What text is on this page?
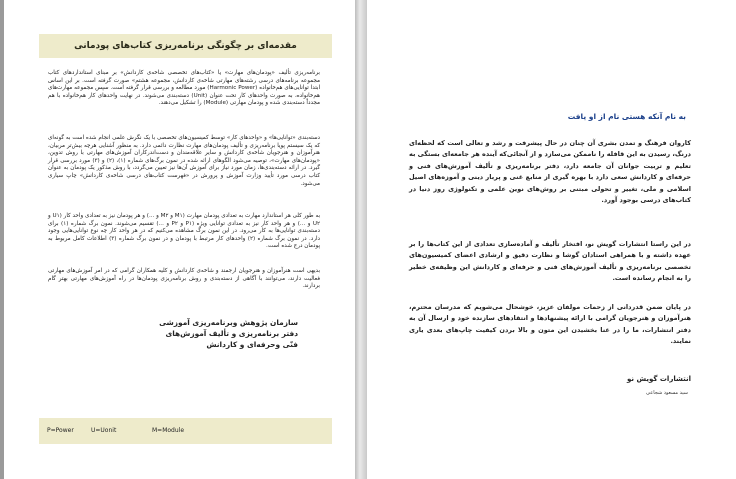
مقدمه‌ای بر چگونگی برنامه‌ریزی کتاب‌های پودمانی
برنامه‌ریزی تألیف «پودمان‌های مهارت» یا «کتاب‌های تخصصی شاخه‌ی کاردانش» بر مبنای استانداردهای کتاب مجموعه برنامه‌های درسی رشته‌های مهارتی شاخه‌ی کاردانش، مجموعه هشتم» صورت گرفته است. بر این اساس ابتدا توانایی‌های هم‌خانواده (Harmonic Power) مورد مطالعه و بررسی قرار گرفته است. سپس مجموعه مهارت‌های هم‌خانواده، به صورت واحدهای کار تحت عنوان (Unit) دسته‌بندی می‌شوند. در نهایت واحدهای کار هم‌خانواده با هم مجدداً دسته‌بندی شده و پودمان مهارتی (Module) را تشکیل می‌دهند.
دسته‌بندی «توانایی‌ها» و «واحدهای کار» توسط کمیسیون‌های تخصصی با یک نگرش علمی انجام شده است به گونه‌ای که یک سیستم پویا برنامه‌ریزی و تألیف پودمان‌های مهارت نظارت دائمی دارد. به منظور آشنایی هرچه بیش‌تر مربیان، هنرآموزان و هنرجویان شاخه‌ی کاردانش و سایر علاقه‌مندان و دست‌اندرکاران آموزش‌های مهارتی با روش تدوین، «پودمان‌های مهارت»، توصیه می‌شود الگوهای ارائه شده در نمون برگ‌های شماره (۱)، (۲) و (۳) مورد بررسی قرار گیرد. در ارائه دسته‌بندی‌ها، زمان مورد نیاز برای آموزش آن‌ها نیز تعیین می‌گردد، با روش مذکور یک پودمان به عنوان کتاب درسی مورد تأیید وزارت آموزش و پرورش در «فهرست کتاب‌های درسی شاخه‌ی کاردانش» چاپ سیاری می‌شود.
به طور کلی هر استاندارد مهارت به تعدادی پودمان مهارت (M۱ و M۲ و ...) و هر پودمان نیز به تعدادی واحد کار (U۱ و U۲ و ...) و هر واحد کار نیز به تعدادی توانایی ویژه (P۱ و P۲ و ...) تقسیم می‌شوند. نمون برگ شماره (۱) برای دسته‌بندی توانایی‌ها به کار می‌رود. در این نمون برگ مشاهده می‌کنیم که در هر واحد کار چه نوع توانایی‌هایی وجود دارد. در نمون برگ شماره (۲) واحدهای کار مرتبط با پودمان و در نمون برگ شماره (۳) اطلاعات کامل مربوط به پودمان درج شده است.
بدیهی است هنرآموزان و هنرجویان ارجمند و شاخه‌ی کاردانش و کلیه همکاران گرامی که در امر آموزش‌های مهارتی فعالیت دارند، می‌توانند با آگاهی از دسته‌بندی و روش برنامه‌ریزی پودمان‌ها در راه آموزش‌های مهارتی بهتر گام بردارند.
سازمان پژوهش وبرنامه‌ریزی آموزشی
دفتر برنامه‌ریزی و تألیف آموزش‌های
فنّی وحرفه‌ای و کاردانش
P=Power	U=Uonit	M=Module
به نام آنکه هستی نام از او یافت
کاروان فرهنگ و تمدن بشری آن چنان در حال پیشرفت و رشد و تعالی است که لحظه‌ای درنگ، رسیدن به این قافله را ناممکن می‌سازد و از آنجائی‌که آینده هر جامعه‌ای بستگی به تعلیم و تربیت جوانان آن جامعه دارد، دفتر برنامه‌ریزی و تألیف آموزش‌های فنی و حرفه‌ای و کاردانش سعی دارد با بهره گیری از منابع غنی و پربار دینی و آموزه‌های اصیل اسلامی و ملی، تغییر و تحولی مبتنی بر روش‌های نوین علمی و تکنولوژی روز دنیا در کتاب‌های درسی بوجود آورد.
در این راستا انتشارات گویش نو، افتخار تألیف و آماده‌سازی تعدادی از این کتاب‌ها را بر عهده داشته و با همراهی استادان گوشا و نظارت دقیق و ارشادی اعضای کمیسیون‌های تخصصی برنامه‌ریزی و تألیف آموزش‌های فنی و حرفه‌ای و کاردانش این وظیفه‌ی خطیر را به انجام رسانده است.
در پایان ضمن قدردانی از زحمات مولفان عزیز، خوشحال می‌شویم که مدرسان محترم، هنرآموزان و هنرجویان گرامی با ارائه پیشنهادها و انتقادهای سازنده خود و ارسال آن به دفتر انتشارات، ما را در غنا بخشیدن این متون و بالا بردن کیفیت چاپ‌های بعدی یاری نمایند.
انتشارات گویش نو
سید مسعود شجاعی
